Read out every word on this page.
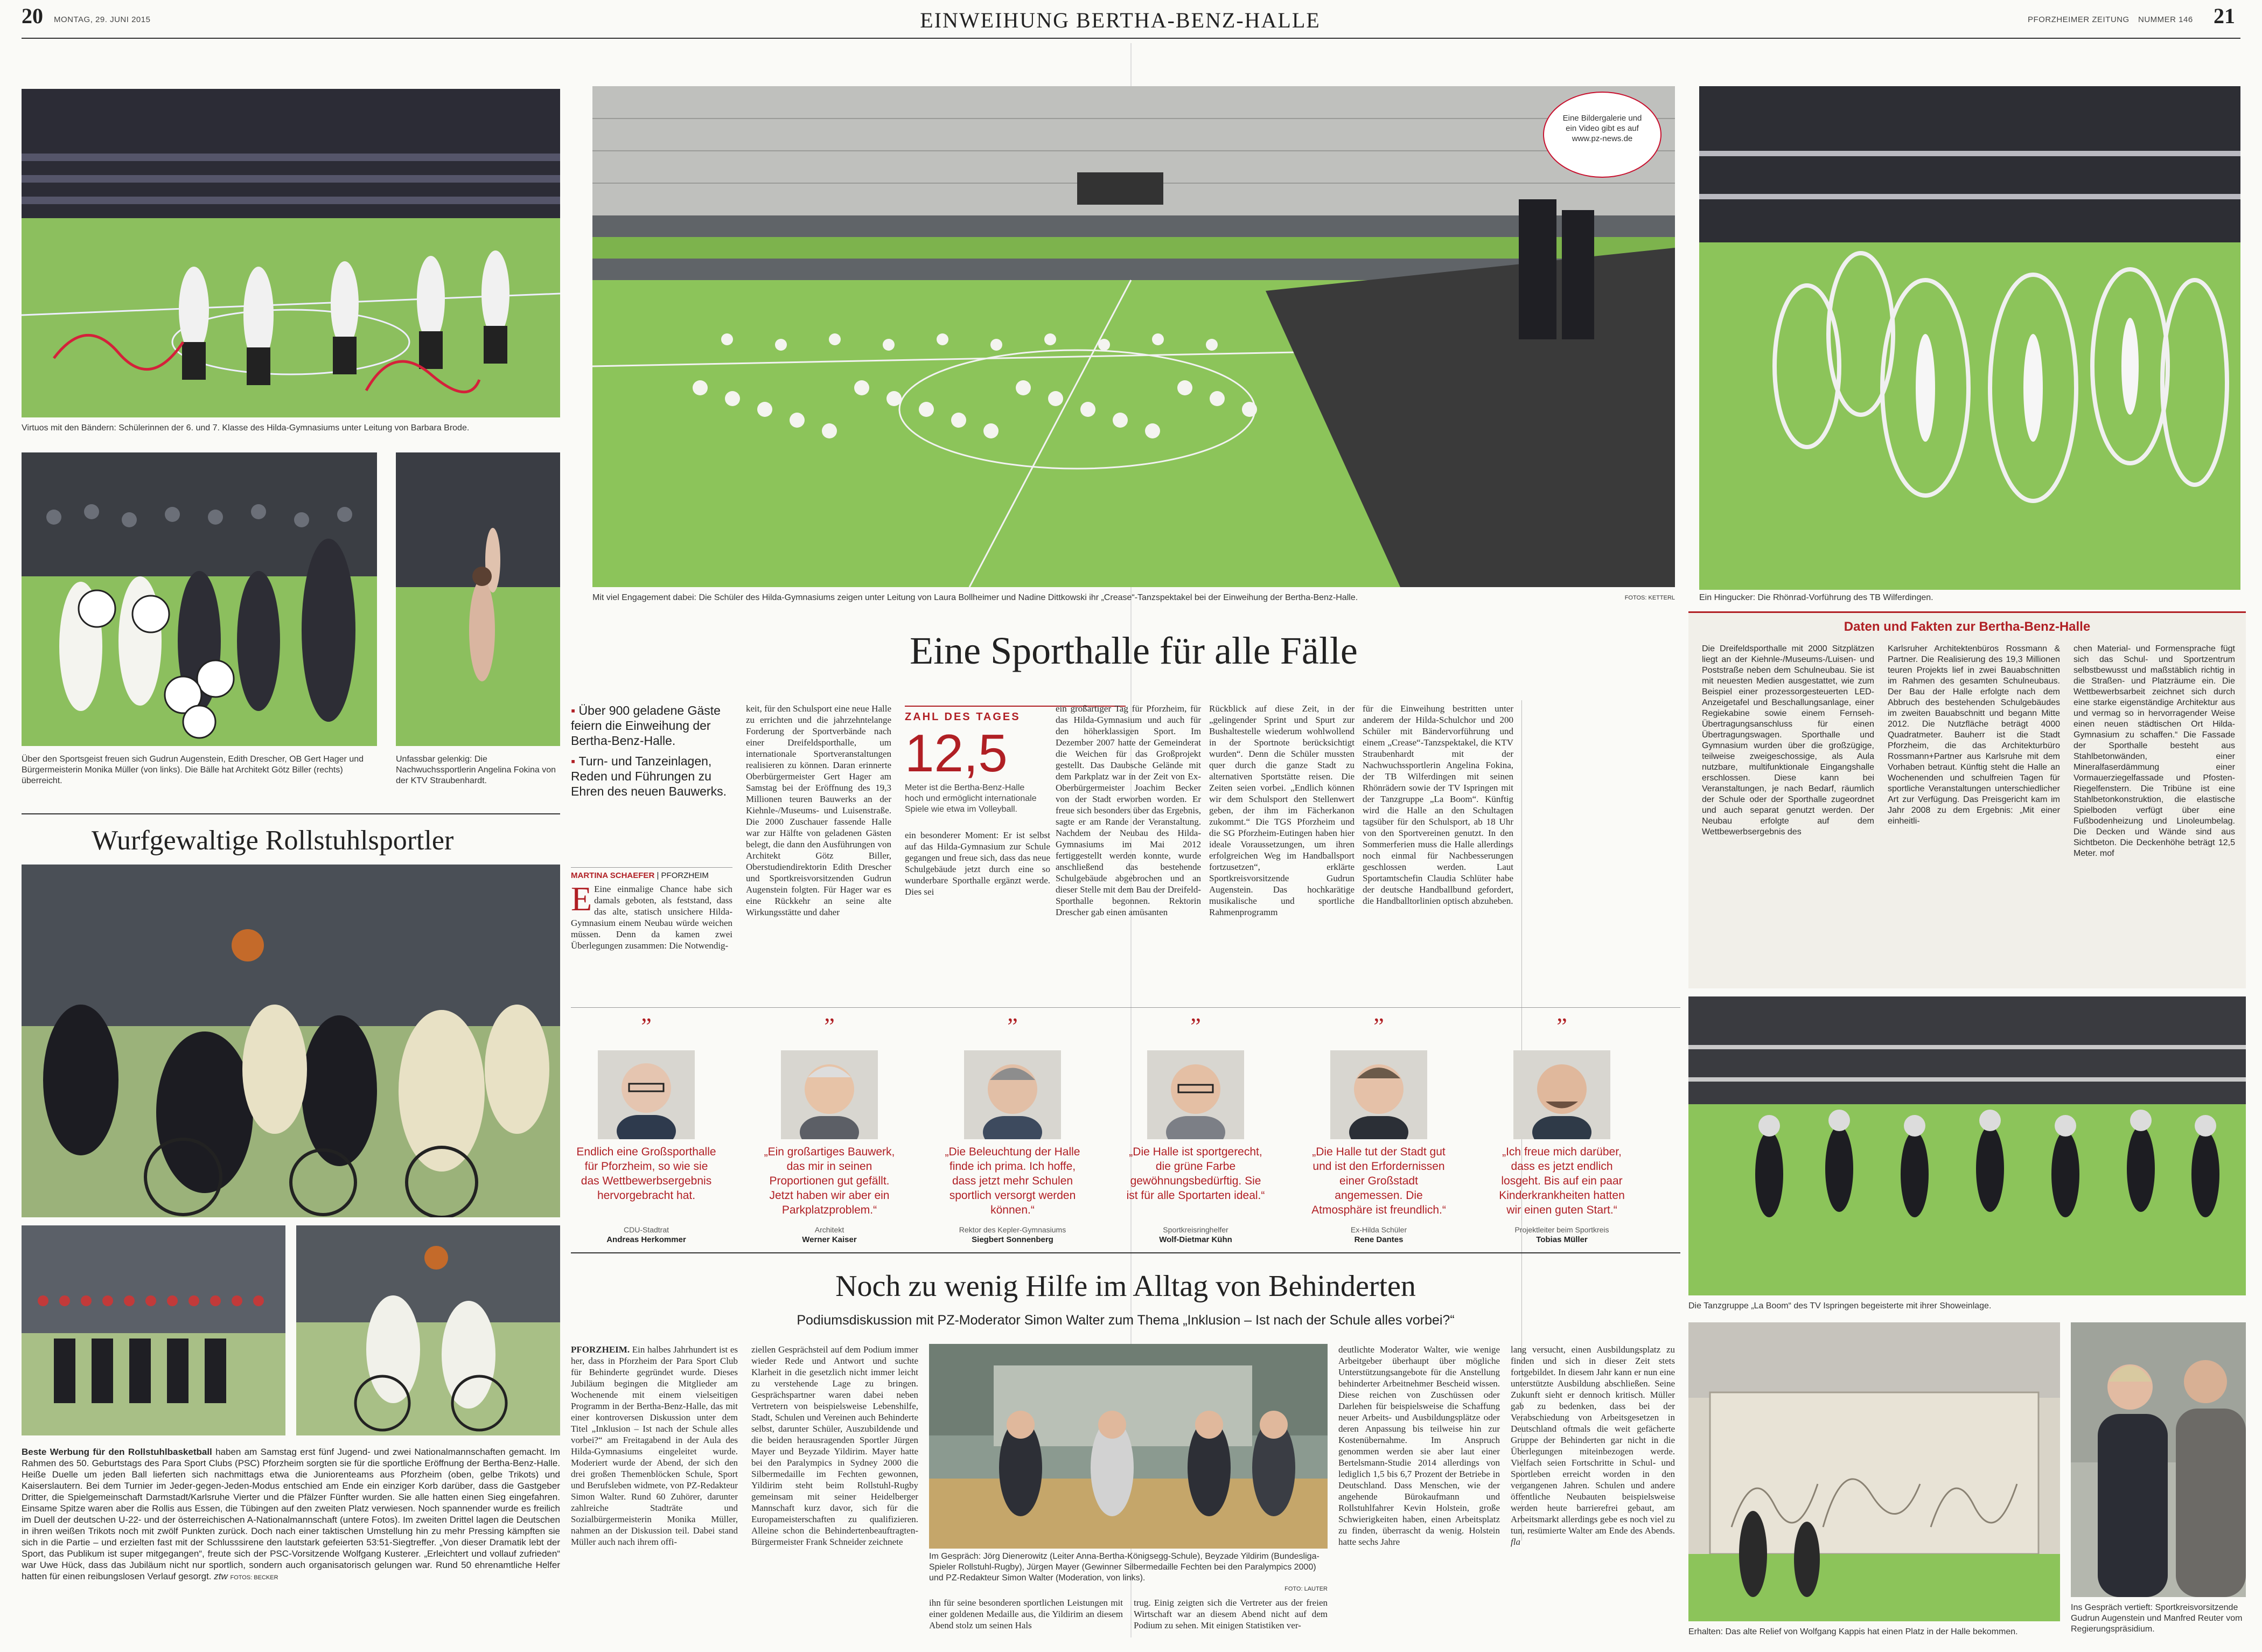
20 MONTAG, 29. JUNI 2015	EINWEIHUNG BERTHA-BENZ-HALLE	PFORZHEIMER ZEITUNG NUMMER 146 21
Virtuos mit den Bändern: Schülerinnen der 6. und 7. Klasse des Hilda-Gymnasiums unter Leitung von Barbara Brode.
Über den Sportsgeist freuen sich Gudrun Augenstein, Edith Drescher, OB Gert Hager und Bürgermeisterin Monika Müller (von links). Die Bälle hat Architekt Götz Biller (rechts) überreicht.
Unfassbar gelenkig: Die Nachwuchssportlerin Angelina Fokina von der KTV Straubenhardt.
Eine Bildergalerie und ein Video gibt es auf www.pz-news.de
Mit viel Engagement dabei: Die Schüler des Hilda-Gymnasiums zeigen unter Leitung von Laura Bollheimer und Nadine Dittkowski ihr „Crease“-Tanzspektakel bei der Einweihung der Bertha-Benz-Halle.	FOTOS: KETTERL	Ein Hingucker: Die Rhönrad-Vorführung des TB Wilferdingen.
Eine Sporthalle für alle Fälle
▪ Über 900 geladene Gäste feiern die Einweihung der Bertha-Benz-Halle.
▪ Turn- und Tanzeinlagen, Reden und Führungen zu Ehren des neuen Bauwerks.
MARTINA SCHAEFER | PFORZHEIM
E Eine einmalige Chance habe sich damals geboten, als feststand, dass das alte, statisch unsichere Hilda-Gymnasium einem Neubau würde weichen müssen. Denn da kamen zwei Überlegungen zusammen: Die Notwendig-
keit, für den Schulsport eine neue Halle zu errichten und die jahrzehntelange Forderung der Sportverbände nach einer Dreifeldsporthalle, um internationale Sportveranstaltungen realisieren zu können. Daran erinnerte Oberbürgermeister Gert Hager am Samstag bei der Eröffnung des 19,3 Millionen teuren Bauwerks an der Kiehnle-/Museums- und Luisenstraße. Die 2000 Zuschauer fassende Halle war zur Hälfte von geladenen Gästen belegt, die dann den Ausführungen von Architekt Götz Biller, Oberstudiendirektorin Edith Drescher und Sportkreisvorsitzenden Gudrun Augenstein folgten. Für Hager war es eine Rückkehr an seine alte Wirkungsstätte und daher
ZAHL DES TAGES
12,5
Meter ist die Bertha-Benz-Halle hoch und ermöglicht internationale Spiele wie etwa im Volleyball.
ein besonderer Moment: Er ist selbst auf das Hilda-Gymnasium zur Schule gegangen und freue sich, dass das neue Schulgebäude jetzt durch eine so wunderbare Sporthalle ergänzt werde. Dies sei
ein großartiger Tag für Pforzheim, für das Hilda-Gymnasium und auch für den höherklassigen Sport. Im Dezember 2007 hatte der Gemeinderat die Weichen für das Großprojekt gestellt. Das Daubsche Gelände mit dem Parkplatz war in der Zeit von Ex-Oberbürgermeister Joachim Becker von der Stadt erworben worden. Er freue sich besonders über das Ergebnis, sagte er am Rande der Veranstaltung. Nachdem der Neubau des Hilda-Gymnasiums im Mai 2012 fertiggestellt werden konnte, wurde anschließend das bestehende Schulgebäude abgebrochen und an dieser Stelle mit dem Bau der Dreifeld-Sporthalle begonnen. Rektorin Drescher gab einen amüsanten
Rückblick auf diese Zeit, in der „gelingender Sprint und Spurt zur Bushaltestelle wiederum wohlwollend in der Sportnote berücksichtigt wurden“. Denn die Schüler mussten quer durch die ganze Stadt zu alternativen Sportstätte reisen. Die Zeiten seien vorbei. „Endlich können wir dem Schulsport den Stellenwert geben, der ihm im Fächerkanon zukommt.“ Die TGS Pforzheim und die SG Pforzheim-Eutingen haben hier ideale Voraussetzungen, um ihren erfolgreichen Weg im Handballsport fortzusetzen“, erklärte Sportkreisvorsitzende Gudrun Augenstein. Das hochkarätige musikalische und sportliche Rahmenprogramm
für die Einweihung bestritten unter anderem der Hilda-Schulchor und 200 Schüler mit Bändervorführung und einem „Crease“-Tanzspektakel, die KTV Straubenhardt mit der Nachwuchssportlerin Angelina Fokina, der TB Wilferdingen mit seinen Rhönrädern sowie der TV Ispringen mit der Tanzgruppe „La Boom“. Künftig wird die Halle an den Schultagen tagsüber für den Schulsport, ab 18 Uhr von den Sportvereinen genutzt. In den Sommerferien muss die Halle allerdings noch einmal für Nachbesserungen geschlossen werden. Laut Sportamtschefin Claudia Schlüter habe der deutsche Handballbund gefordert, die Handballtorlinien optisch abzuheben.
Daten und Fakten zur Bertha-Benz-Halle
Die Dreifeldsporthalle mit 2000 Sitzplätzen liegt an der Kiehnle-/Museums-/Luisen- und Poststraße neben dem Schulneubau. Sie ist mit neuesten Medien ausgestattet, wie zum Beispiel einer prozessorgesteuerten LED-Anzeigetafel und Beschallungsanlage, einer Regiekabine sowie einem Fernseh-Übertragungsanschluss für einen Übertragungswagen. Sporthalle und Gymnasium wurden über die großzügige, teilweise zweigeschossige, als Aula nutzbare, multifunktionale Eingangshalle erschlossen. Diese kann bei Veranstaltungen, je nach Bedarf, räumlich der Schule oder der Sporthalle zugeordnet und auch separat genutzt werden. Der Neubau erfolgte auf dem Wettbewerbsergebnis des
Karlsruher Architektenbüros Rossmann & Partner. Die Realisierung des 19,3 Millionen teuren Projekts lief in zwei Bauabschnitten im Rahmen des gesamten Schulneubaus. Der Bau der Halle erfolgte nach dem Abbruch des bestehenden Schulgebäudes im zweiten Bauabschnitt und begann Mitte 2012. Die Nutzfläche beträgt 4000 Quadratmeter. Bauherr ist die Stadt Pforzheim, die das Architekturbüro Rossmann+Partner aus Karlsruhe mit dem Vorhaben betraut. Künftig steht die Halle an Wochenenden und schulfreien Tagen für sportliche Veranstaltungen unterschiedlicher Art zur Verfügung. Das Preisgericht kam im Jahr 2008 zu dem Ergebnis: „Mit einer einheitli-
chen Material- und Formensprache fügt sich das Schul- und Sportzentrum selbstbewusst und maßstäblich richtig in die Straßen- und Platzräume ein. Die Wettbewerbsarbeit zeichnet sich durch eine starke eigenständige Architektur aus und vermag so in hervorragender Weise einen neuen städtischen Ort Hilda-Gymnasium zu schaffen.“ Die Fassade der Sporthalle besteht aus Stahlbetonwänden, einer Mineralfaserdämmung einer Vormauerziegelfassade und Pfosten-Riegelfenstern. Die Tribüne ist eine Stahlbetonkonstruktion, die elastische Spielboden verfügt über eine Fußbodenheizung und Linoleumbelag. Die Decken und Wände sind aus Sichtbeton. Die Deckenhöhe beträgt 12,5 Meter. mof
Wurfgewaltige Rollstuhlsportler
Beste Werbung für den Rollstuhlbasketball haben am Samstag erst fünf Jugend- und zwei Nationalmannschaften gemacht. Im Rahmen des 50. Geburtstags des Para Sport Clubs (PSC) Pforzheim sorgten sie für die sportliche Eröffnung der Bertha-Benz-Halle. Heiße Duelle um jeden Ball lieferten sich nachmittags etwa die Juniorenteams aus Pforzheim (oben, gelbe Trikots) und Kaiserslautern. Bei dem Turnier im Jeder-gegen-Jeden-Modus entschied am Ende ein einziger Korb darüber, dass die Gastgeber Dritter, die Spielgemeinschaft Darmstadt/Karlsruhe Vierter und die Pfälzer Fünfter wurden. Sie alle hatten einen Sieg eingefahren. Einsame Spitze waren aber die Rollis aus Essen, die Tübingen auf den zweiten Platz verwiesen. Noch spannender wurde es freilich im Duell der deutschen U-22- und der österreichischen A-Nationalmannschaft (untere Fotos). Im zweiten Drittel lagen die Deutschen in ihren weißen Trikots noch mit zwölf Punkten zurück. Doch nach einer taktischen Umstellung hin zu mehr Pressing kämpften sie sich in die Partie – und erzielten fast mit der Schlusssirene den lautstark gefeierten 53:51-Siegtreffer. „Von dieser Dramatik lebt der Sport, das Publikum ist super mitgegangen“, freute sich der PSC-Vorsitzende Wolfgang Kusterer. „Erleichtert und vollauf zufrieden“ war Uwe Hück, dass das Jubiläum nicht nur sportlich, sondern auch organisatorisch gelungen war. Rund 50 ehrenamtliche Helfer hatten für einen reibungslosen Verlauf gesorgt. ztw FOTOS: BECKER
”
Endlich eine Großsporthalle für Pforzheim, so wie sie das Wettbewerbsergebnis hervorgebracht hat.
CDU-Stadtrat
Andreas Herkommer
”
„Ein großartiges Bauwerk, das mir in seinen Proportionen gut gefällt. Jetzt haben wir aber ein Parkplatzproblem.“
Architekt
Werner Kaiser
”
„Die Beleuchtung der Halle finde ich prima. Ich hoffe, dass jetzt mehr Schulen sportlich versorgt werden können.“
Rektor des Kepler-Gymnasiums
Siegbert Sonnenberg
”
„Die Halle ist sportgerecht, die grüne Farbe gewöhnungsbedürftig. Sie ist für alle Sportarten ideal.“
Sportkreisringhelfer
Wolf-Dietmar Kühn
”
„Die Halle tut der Stadt gut und ist den Erfordernissen einer Großstadt angemessen. Die Atmosphäre ist freundlich.“
Ex-Hilda Schüler
Rene Dantes
”
„Ich freue mich darüber, dass es jetzt endlich losgeht. Bis auf ein paar Kinderkrankheiten hatten wir einen guten Start.“
Projektleiter beim Sportkreis
Tobias Müller
Die Tanzgruppe „La Boom“ des TV Ispringen begeisterte mit ihrer Showeinlage.
Erhalten: Das alte Relief von Wolfgang Kappis hat einen Platz in der Halle bekommen.
Ins Gespräch vertieft: Sportkreisvorsitzende Gudrun Augenstein und Manfred Reuter vom Regierungspräsidium.
Noch zu wenig Hilfe im Alltag von Behinderten
Podiumsdiskussion mit PZ-Moderator Simon Walter zum Thema „Inklusion – Ist nach der Schule alles vorbei?“
PFORZHEIM. Ein halbes Jahrhundert ist es her, dass in Pforzheim der Para Sport Club für Behinderte gegründet wurde. Dieses Jubiläum begingen die Mitglieder am Wochenende mit einem vielseitigen Programm in der Bertha-Benz-Halle, das mit einer kontroversen Diskussion unter dem Titel „Inklusion – Ist nach der Schule alles vorbei?“ am Freitagabend in der Aula des Hilda-Gymnasiums eingeleitet wurde. Moderiert wurde der Abend, der sich den drei großen Themenblöcken Schule, Sport und Berufsleben widmete, von PZ-Redakteur Simon Walter. Rund 60 Zuhörer, darunter zahlreiche Stadträte und Sozialbürgermeisterin Monika Müller, nahmen an der Diskussion teil. Dabei stand Müller auch nach ihrem offi-
ziellen Gesprächsteil auf dem Podium immer wieder Rede und Antwort und suchte Klarheit in die gesetzlich nicht immer leicht zu verstehende Lage zu bringen. Gesprächspartner waren dabei neben Vertretern von beispielsweise Lebenshilfe, Stadt, Schulen und Vereinen auch Behinderte selbst, darunter Schüler, Auszubildende und die beiden herausragenden Sportler Jürgen Mayer und Beyzade Yildirim. Mayer hatte bei den Paralympics in Sydney 2000 die Silbermedaille im Fechten gewonnen, Yildirim steht beim Rollstuhl-Rugby gemeinsam mit seiner Heidelberger Mannschaft kurz davor, sich für die Europameisterschaften zu qualifizieren. Alleine schon die Behindertenbeauftragten-Bürgermeister Frank Schneider zeichnete
Im Gespräch: Jörg Dienerowitz (Leiter Anna-Bertha-Königsegg-Schule), Beyzade Yildirim (Bundesliga-Spieler Rollstuhl-Rugby), Jürgen Mayer (Gewinner Silbermedaille Fechten bei den Paralympics 2000) und PZ-Redakteur Simon Walter (Moderation, von links).
FOTO: LAUTER
ihn für seine besonderen sportlichen Leistungen mit einer goldenen Medaille aus, die Yildirim an diesem Abend stolz um seinen Hals
trug. Einig zeigten sich die Vertreter aus der freien Wirtschaft war an diesem Abend nicht auf dem Podium zu sehen. Mit einigen Statistiken ver-
deutlichte Moderator Walter, wie wenige Arbeitgeber überhaupt über mögliche Unterstützungsangebote für die Anstellung behinderter Arbeitnehmer Bescheid wissen. Diese reichen von Zuschüssen oder Darlehen für beispielsweise die Schaffung neuer Arbeits- und Ausbildungsplätze oder deren Anpassung bis teilweise hin zur Kostenübernahme. Im Anspruch genommen werden sie aber laut einer Bertelsmann-Studie 2014 allerdings von lediglich 1,5 bis 6,7 Prozent der Betriebe in Deutschland. Dass Menschen, wie der angehende Bürokaufmann und Rollstuhlfahrer Kevin Holstein, große Schwierigkeiten haben, einen Arbeitsplatz zu finden, überrascht da wenig. Holstein hatte sechs Jahre
lang versucht, einen Ausbildungsplatz zu finden und sich in dieser Zeit stets fortgebildet. In diesem Jahr kann er nun eine unterstützte Ausbildung abschließen. Seine Zukunft sieht er dennoch kritisch. Müller gab zu bedenken, dass bei der Verabschiedung von Arbeitsgesetzen in Deutschland oftmals die weit gefächerte Gruppe der Behinderten gar nicht in die Überlegungen miteinbezogen werde. Vielfach seien Fortschritte in Schul- und Sportleben erreicht worden in den vergangenen Jahren. Schulen und andere öffentliche Neubauten beispielsweise werden heute barrierefrei gebaut, am Arbeitsmarkt allerdings gebe es noch viel zu tun, resümierte Walter am Ende des Abends. fla
